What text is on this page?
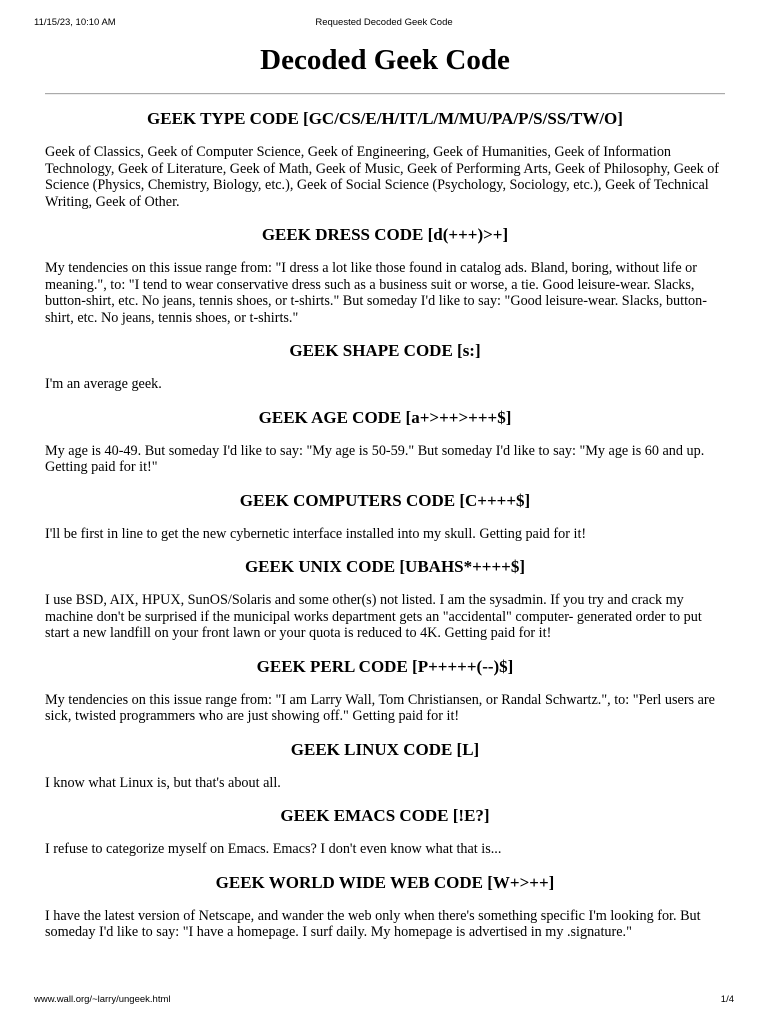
11/15/23, 10:10 AM	Requested Decoded Geek Code
Decoded Geek Code
GEEK TYPE CODE [GC/CS/E/H/IT/L/M/MU/PA/P/S/SS/TW/O]

Geek of Classics, Geek of Computer Science, Geek of Engineering, Geek of Humanities, Geek of Information Technology, Geek of Literature, Geek of Math, Geek of Music, Geek of Performing Arts, Geek of Philosophy, Geek of Science (Physics, Chemistry, Biology, etc.), Geek of Social Science (Psychology, Sociology, etc.), Geek of Technical Writing, Geek of Other.

GEEK DRESS CODE [d(+++)>+]

My tendencies on this issue range from: "I dress a lot like those found in catalog ads. Bland, boring, without life or meaning.", to: "I tend to wear conservative dress such as a business suit or worse, a tie. Good leisure-wear. Slacks, button-shirt, etc. No jeans, tennis shoes, or t-shirts." But someday I'd like to say: "Good leisure-wear. Slacks, button-shirt, etc. No jeans, tennis shoes, or t-shirts."

GEEK SHAPE CODE [s:]

I'm an average geek.

GEEK AGE CODE [a+>++>+++$]

My age is 40-49. But someday I'd like to say: "My age is 50-59." But someday I'd like to say: "My age is 60 and up. Getting paid for it!"

GEEK COMPUTERS CODE [C++++$]

I'll be first in line to get the new cybernetic interface installed into my skull. Getting paid for it!

GEEK UNIX CODE [UBAHS*++++$]

I use BSD, AIX, HPUX, SunOS/Solaris and some other(s) not listed. I am the sysadmin. If you try and crack my machine don't be surprised if the municipal works department gets an "accidental" computer- generated order to put start a new landfill on your front lawn or your quota is reduced to 4K. Getting paid for it!

GEEK PERL CODE [P+++++(--)$]

My tendencies on this issue range from: "I am Larry Wall, Tom Christiansen, or Randal Schwartz.", to: "Perl users are sick, twisted programmers who are just showing off." Getting paid for it!

GEEK LINUX CODE [L]

I know what Linux is, but that's about all.

GEEK EMACS CODE [!E?]

I refuse to categorize myself on Emacs. Emacs? I don't even know what that is...

GEEK WORLD WIDE WEB CODE [W+>++]

I have the latest version of Netscape, and wander the web only when there's something specific I'm looking for. But someday I'd like to say: "I have a homepage. I surf daily. My homepage is advertised in my .signature."

www.wall.org/~larry/ungeek.html	1/4
